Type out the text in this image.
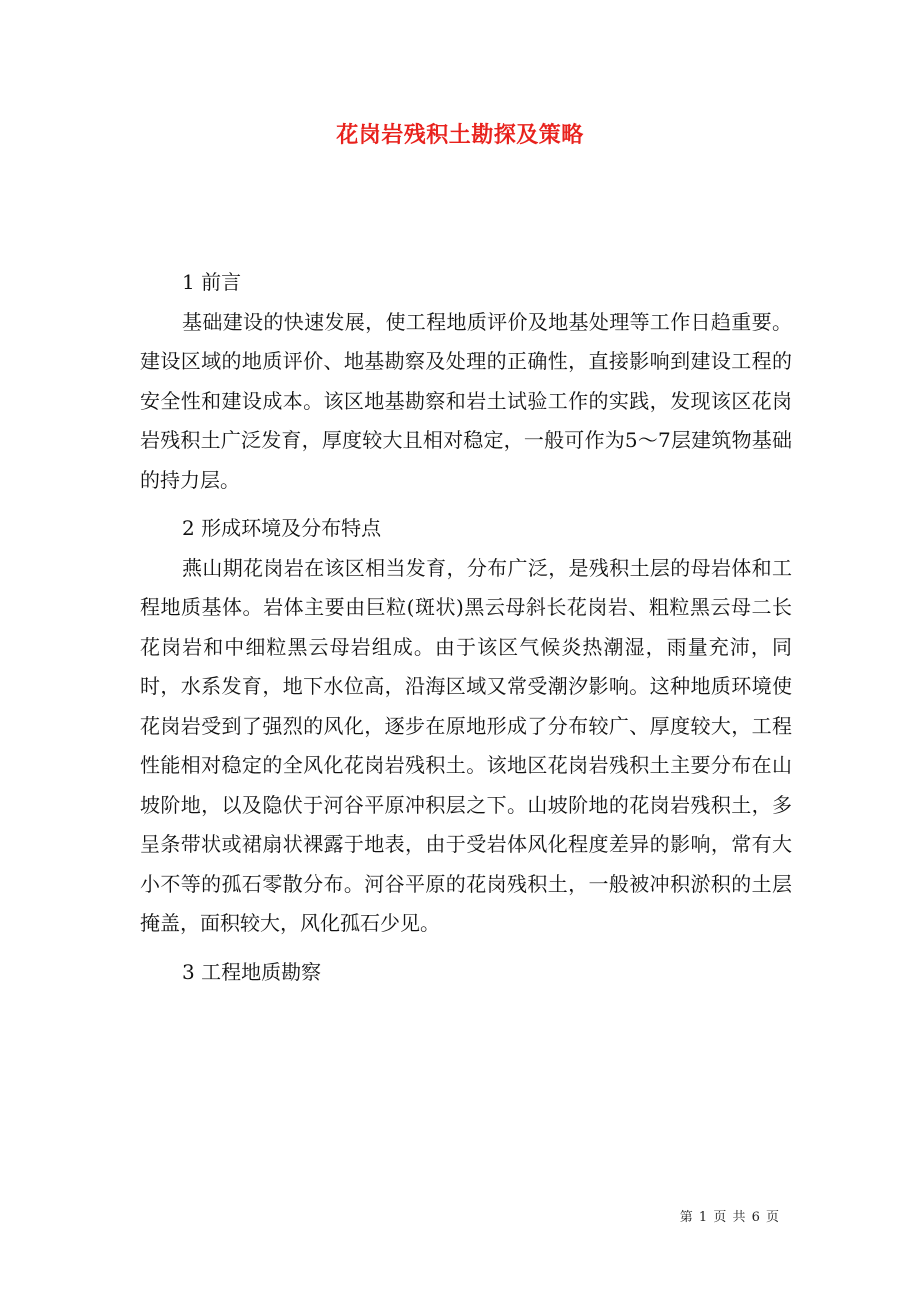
花岗岩残积土勘探及策略

1 前言

基础建设的快速发展，使工程地质评价及地基处理等工作日趋重要。建设区域的地质评价、地基勘察及处理的正确性，直接影响到建设工程的安全性和建设成本。该区地基勘察和岩土试验工作的实践，发现该区花岗岩残积土广泛发育，厚度较大且相对稳定，一般可作为5～7层建筑物基础的持力层。

2 形成环境及分布特点

燕山期花岗岩在该区相当发育，分布广泛，是残积土层的母岩体和工程地质基体。岩体主要由巨粒(斑状)黑云母斜长花岗岩、粗粒黑云母二长花岗岩和中细粒黑云母岩组成。由于该区气候炎热潮湿，雨量充沛，同时，水系发育，地下水位高，沿海区域又常受潮汐影响。这种地质环境使花岗岩受到了强烈的风化，逐步在原地形成了分布较广、厚度较大，工程性能相对稳定的全风化花岗岩残积土。该地区花岗岩残积土主要分布在山坡阶地，以及隐伏于河谷平原冲积层之下。山坡阶地的花岗岩残积土，多呈条带状或裙扇状裸露于地表，由于受岩体风化程度差异的影响，常有大小不等的孤石零散分布。河谷平原的花岗残积土，一般被冲积淤积的土层掩盖，面积较大，风化孤石少见。

3 工程地质勘察

第 1 页 共 6 页
